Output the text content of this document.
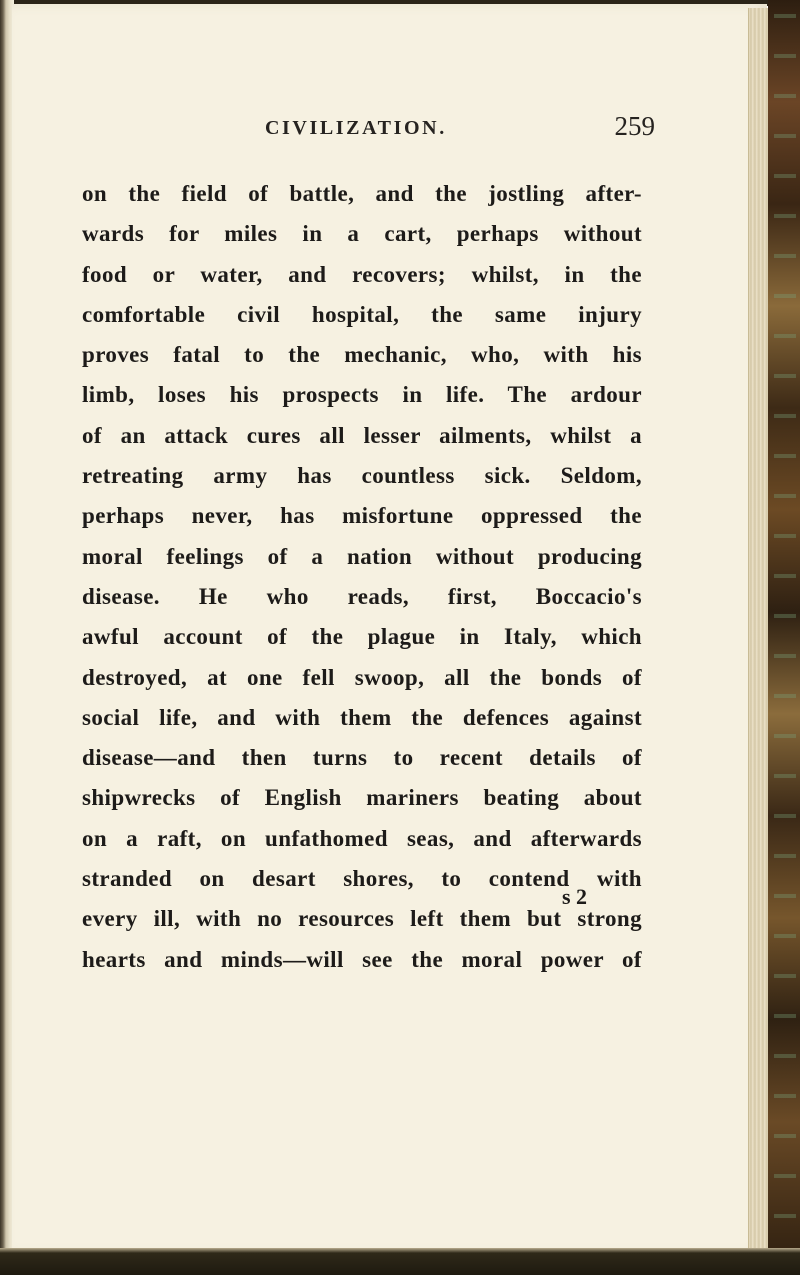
CIVILIZATION.	259
on the field of battle, and the jostling after-
wards for miles in a cart, perhaps without
food or water, and recovers; whilst, in the
comfortable civil hospital, the same injury
proves fatal to the mechanic, who, with his
limb, loses his prospects in life. The ardour
of an attack cures all lesser ailments, whilst a
retreating army has countless sick. Seldom,
perhaps never, has misfortune oppressed the
moral feelings of a nation without producing
disease. He who reads, first, Boccacio's
awful account of the plague in Italy, which
destroyed, at one fell swoop, all the bonds of
social life, and with them the defences against
disease—and then turns to recent details of
shipwrecks of English mariners beating about
on a raft, on unfathomed seas, and afterwards
stranded on desart shores, to contend with
every ill, with no resources left them but strong
hearts and minds—will see the moral power of
s 2
